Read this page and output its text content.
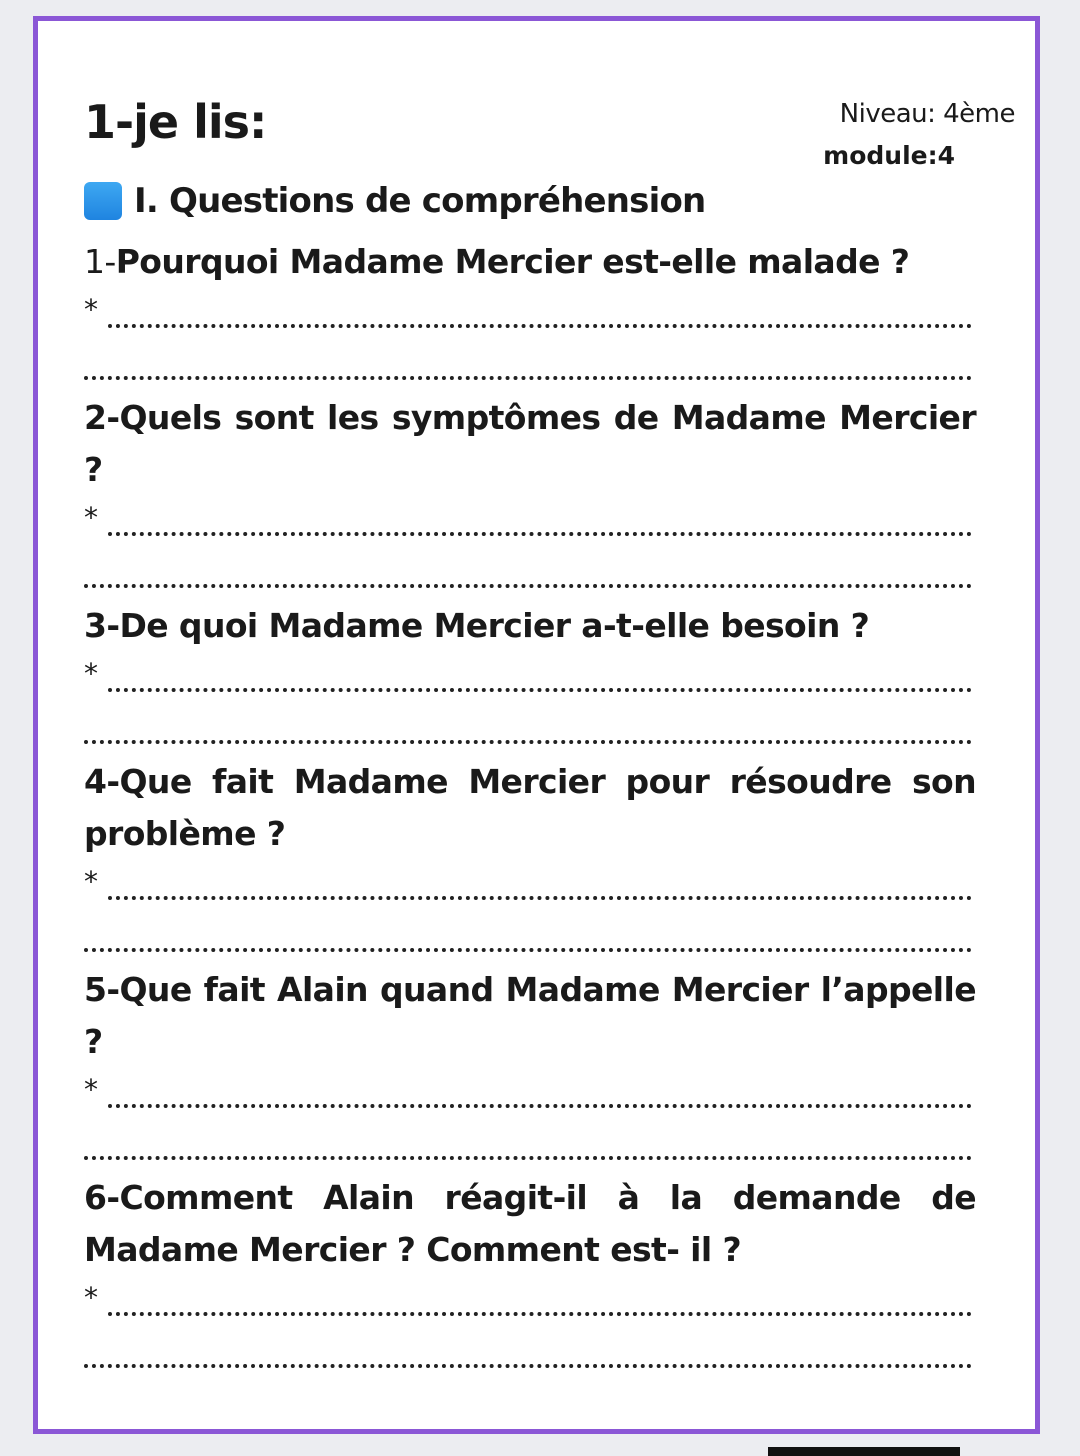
1-je lis:	Niveau: 4ème
module:4
I. Questions de compréhension

1-Pourquoi Madame Mercier est-elle malade ?

*

2-Quels sont les symptômes de Madame Mercier ?

*

3-De quoi Madame Mercier a-t-elle besoin ?

*

4-Que fait Madame Mercier pour résoudre son problème ?

*

5-Que fait Alain quand Madame Mercier l’appelle ?

*

6-Comment Alain réagit-il à la demande de Madame Mercier ? Comment est- il ?

*
